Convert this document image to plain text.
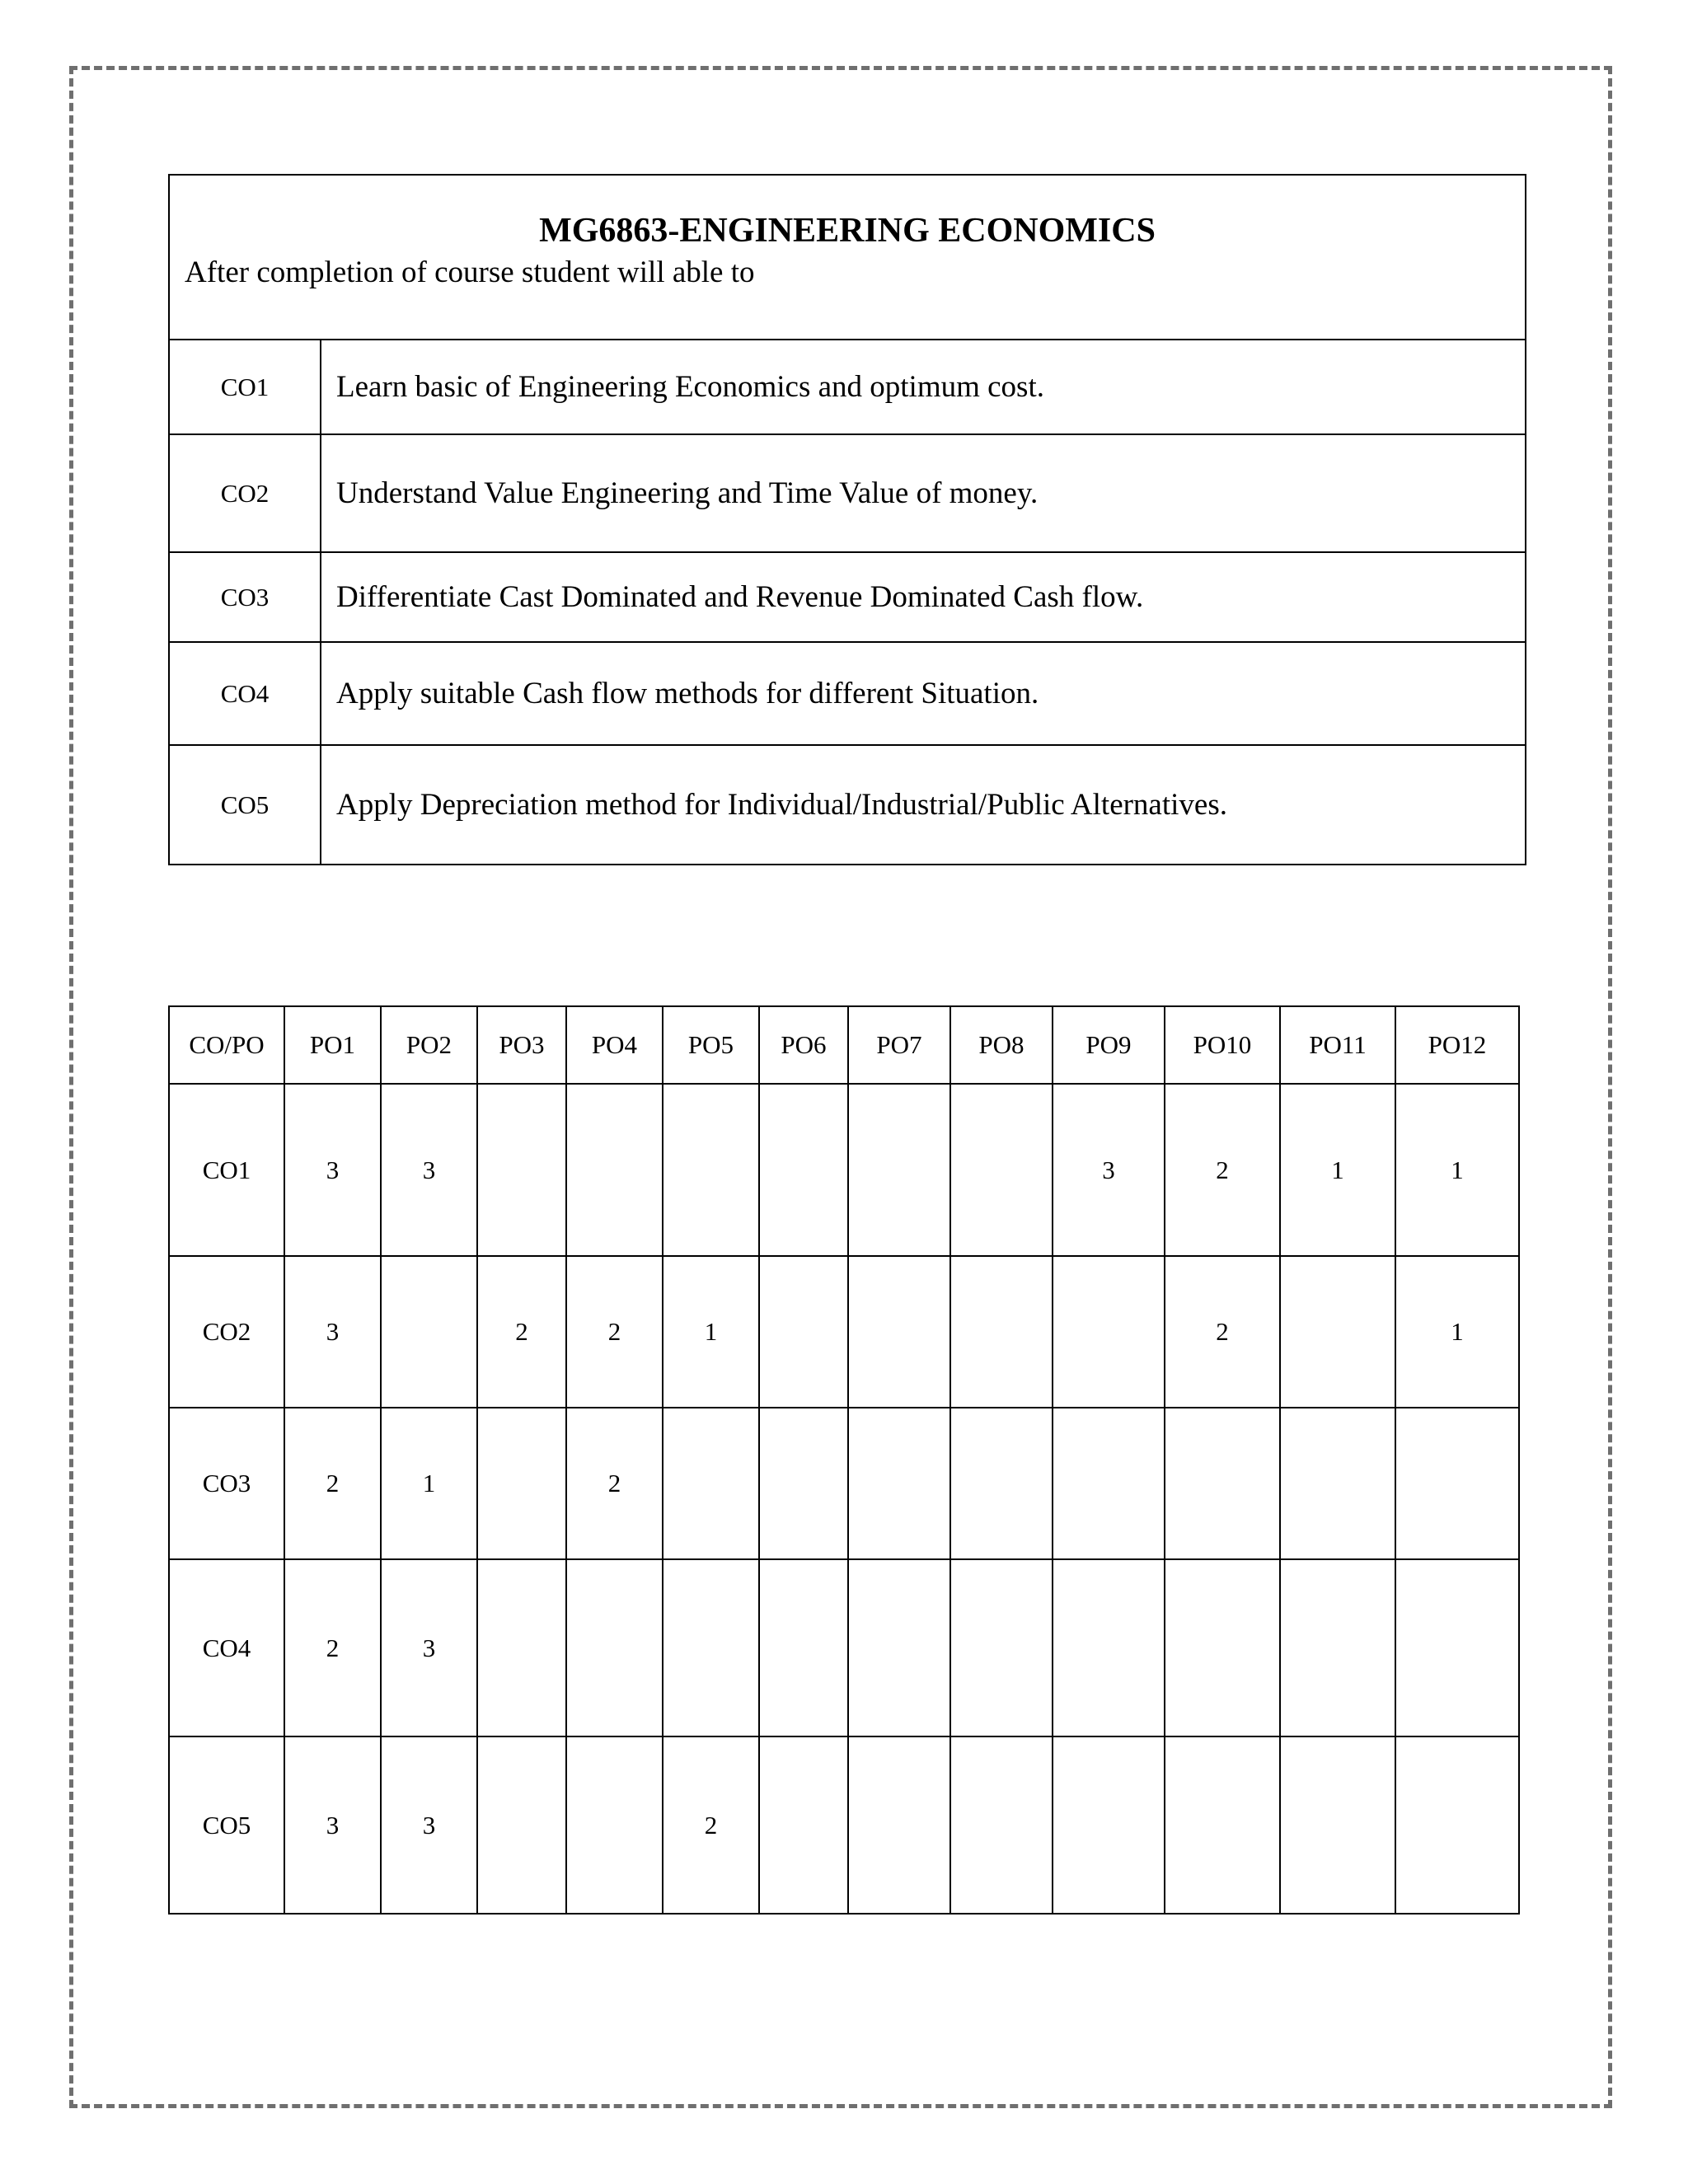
MG6863-ENGINEERING ECONOMICS
After completion of course student will able to	

CO1	Learn basic of Engineering Economics and optimum cost.
CO2	Understand Value Engineering and Time Value of money.
CO3	Differentiate Cast Dominated and Revenue Dominated Cash flow.
CO4	Apply suitable Cash flow methods for different Situation.
CO5	Apply Depreciation method for Individual/Industrial/Public Alternatives.
CO/PO	PO1	PO2	PO3	PO4	PO5	PO6	PO7	PO8	PO9	PO10	PO11	PO12
CO1	3	3							3	2	1	1
CO2	3		2	2	1					2		1
CO3	2	1		2								
CO4	2	3										
CO5	3	3			2							
